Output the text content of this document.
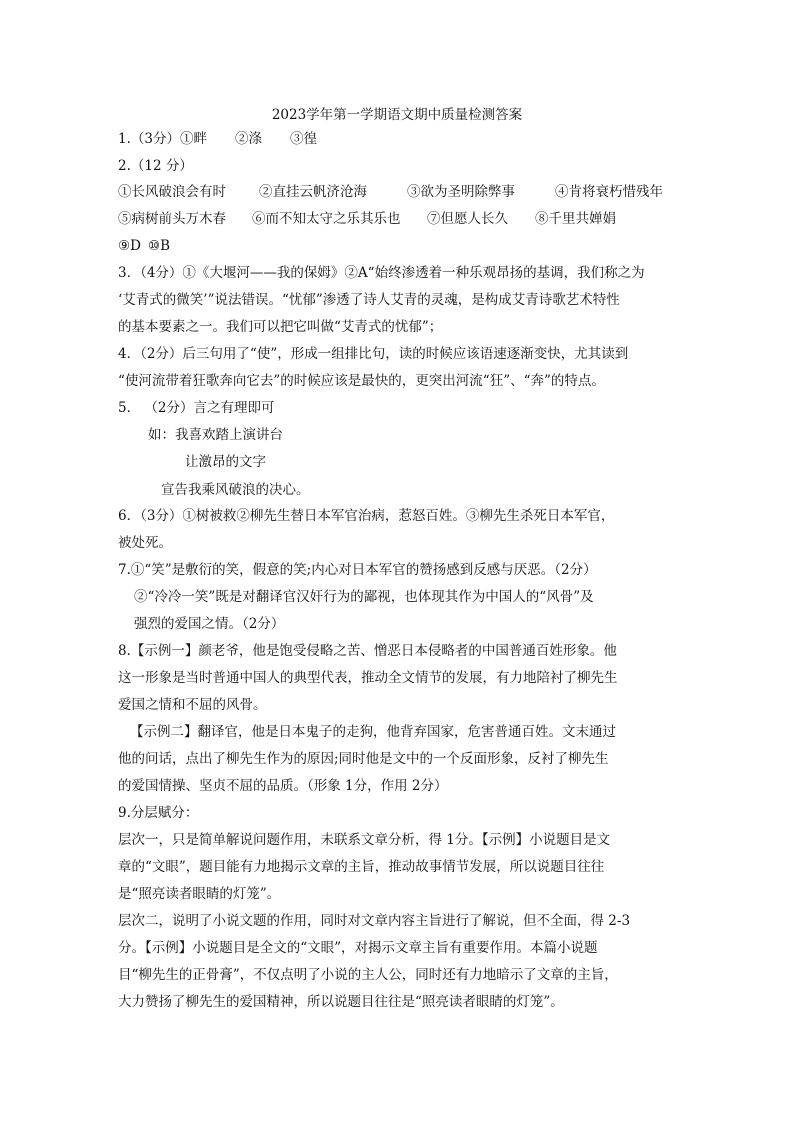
2023学年第一学期语文期中质量检测答案
1.（3分）①畔 ②涤 ③徨
2.（12 分）
①长风破浪会有时 ②直挂云帆济沧海	③欲为圣明除弊事	④肯将衰朽惜残年
⑤病树前头万木春 ⑥而不知太守之乐其乐也 ⑦但愿人长久 ⑧千里共婵娟
⑨D ⑩B
3．（4分）①《大堰河——我的保姆》②A“始终渗透着一种乐观昂扬的基调，我们称之为
‘艾青式的微笑’”说法错误。“忧郁”渗透了诗人艾青的灵魂，是构成艾青诗歌艺术特性
的基本要素之一。我们可以把它叫做“艾青式的忧郁”；
4．（2分）后三句用了“使”，形成一组排比句，读的时候应该语速逐渐变快，尤其读到
“使河流带着狂歌奔向它去”的时候应该是最快的，更突出河流“狂”、“奔”的特点。
5． （2分）言之有理即可
如：我喜欢踏上演讲台
让激昂的文字
宣告我乘风破浪的决心。
6．（3分）①树被救②柳先生替日本军官治病，惹怒百姓。③柳先生杀死日本军官，
被处死。
7.①“笑”是敷衍的笑，假意的笑;内心对日本军官的赞扬感到反感与厌恶。（2分）
②“冷冷一笑”既是对翻译官汉奸行为的鄙视，也体现其作为中国人的“风骨”及
强烈的爱国之情。（2分）
8.【示例一】颜老爷，他是饱受侵略之苦、憎恶日本侵略者的中国普通百姓形象。他
这一形象是当时普通中国人的典型代表，推动全文情节的发展，有力地陪衬了柳先生
爱国之情和不屈的风骨。
【示例二】翻译官，他是日本鬼子的走狗，他背弃国家，危害普通百姓。文末通过
他的问话，点出了柳先生作为的原因;同时他是文中的一个反面形象，反衬了柳先生
的爱国情操、坚贞不屈的品质。（形象 1分，作用 2分）
9.分层赋分：
层次一，只是简单解说问题作用，未联系文章分析，得 1分。【示例】小说题目是文
章的“文眼”，题目能有力地揭示文章的主旨，推动故事情节发展，所以说题目往往
是“照亮读者眼睛的灯笼”。
层次二，说明了小说文题的作用，同时对文章内容主旨进行了解说，但不全面，得 2-3
分。【示例】小说题目是全文的“文眼”，对揭示文章主旨有重要作用。本篇小说题
目“柳先生的正骨膏”，不仅点明了小说的主人公，同时还有力地暗示了文章的主旨，
大力赞扬了柳先生的爱国精神，所以说题目往往是“照亮读者眼睛的灯笼”。
